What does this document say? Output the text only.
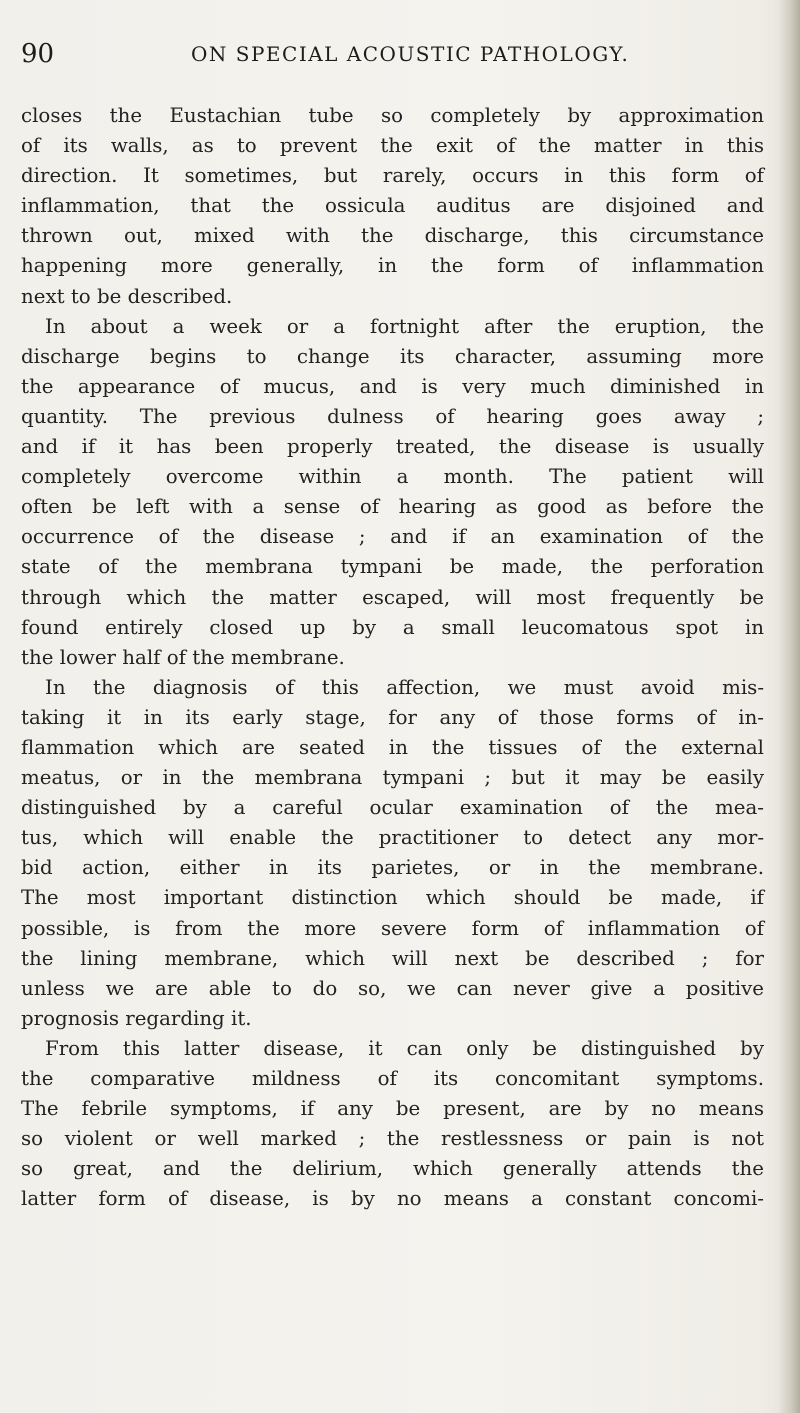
90	ON SPECIAL ACOUSTIC PATHOLOGY.
closes the Eustachian tube so completely by approximation
of its walls, as to prevent the exit of the matter in this
direction. It sometimes, but rarely, occurs in this form of
inflammation, that the ossicula auditus are disjoined and
thrown out, mixed with the discharge, this circumstance
happening more generally, in the form of inflammation
next to be described.
In about a week or a fortnight after the eruption, the
discharge begins to change its character, assuming more
the appearance of mucus, and is very much diminished in
quantity. The previous dulness of hearing goes away ;
and if it has been properly treated, the disease is usually
completely overcome within a month. The patient will
often be left with a sense of hearing as good as before the
occurrence of the disease ; and if an examination of the
state of the membrana tympani be made, the perforation
through which the matter escaped, will most frequently be
found entirely closed up by a small leucomatous spot in
the lower half of the membrane.
In the diagnosis of this affection, we must avoid mis-
taking it in its early stage, for any of those forms of in-
flammation which are seated in the tissues of the external
meatus, or in the membrana tympani ; but it may be easily
distinguished by a careful ocular examination of the mea-
tus, which will enable the practitioner to detect any mor-
bid action, either in its parietes, or in the membrane.
The most important distinction which should be made, if
possible, is from the more severe form of inflammation of
the lining membrane, which will next be described ; for
unless we are able to do so, we can never give a positive
prognosis regarding it.
From this latter disease, it can only be distinguished by
the comparative mildness of its concomitant symptoms.
The febrile symptoms, if any be present, are by no means
so violent or well marked ; the restlessness or pain is not
so great, and the delirium, which generally attends the
latter form of disease, is by no means a constant concomi-
